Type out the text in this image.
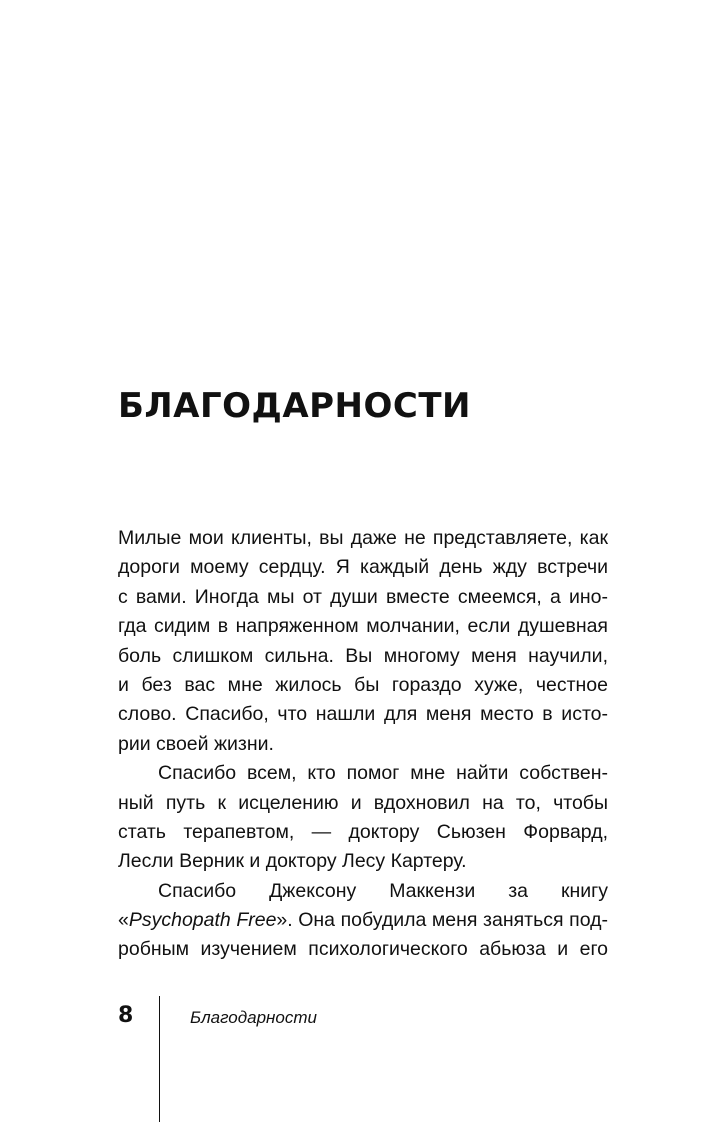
БЛАГОДАРНОСТИ
Милые мои клиенты, вы даже не представляете, как
дороги моему сердцу. Я каждый день жду встречи
с вами. Иногда мы от души вместе смеемся, а ино-
гда сидим в напряженном молчании, если душевная
боль слишком сильна. Вы многому меня научили,
и без вас мне жилось бы гораздо хуже, честное
слово. Спасибо, что нашли для меня место в исто-
рии своей жизни.
Спасибо всем, кто помог мне найти собствен-
ный путь к исцелению и вдохновил на то, чтобы
стать терапевтом, — доктору Сьюзен Форвард,
Лесли Верник и доктору Лесу Картеру.
Спасибо Джексону Маккензи за книгу
«Psychopath Free». Она побудила меня заняться под-
робным изучением психологического абьюза и его
8	Благодарности
